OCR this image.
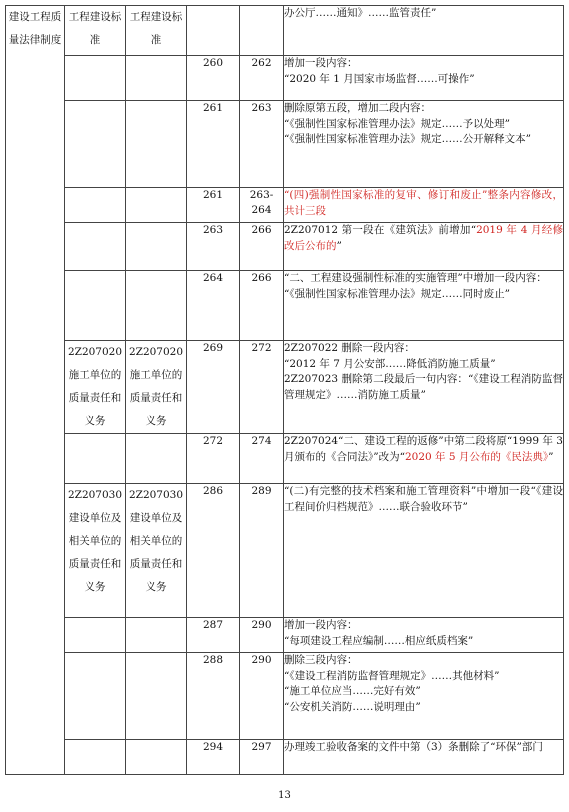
建设工程质量法律制度	工程建设标准	工程建设标准			办公厅……通知》……监管责任”
			260	262	增加一段内容：
“2020 年 1 月国家市场监督……可操作”

			261	263	删除原第五段，增加二段内容：
“《强制性国家标准管理办法》规定……予以处理”
“《强制性国家标准管理办法》规定……公开解释文本”

			261	263-264	“(四)强制性国家标准的复审、修订和废止”整条内容修改，共计三段
			263	266	2Z207012 第一段在《建筑法》前增加“2019 年 4 月经修改后公布的”
			264	266	“二、工程建设强制性标准的实施管理”中增加一段内容：
“《强制性国家标准管理办法》规定……同时废止”

	2Z207020 施工单位的质量责任和义务	2Z207020 施工单位的质量责任和义务	269	272	2Z207022 删除一段内容：
“2012 年 7 月公安部……降低消防施工质量”
2Z207023 删除第二段最后一句内容：“《建设工程消防监督管理规定》……消防施工质量”

			272	274	2Z207024“二、建设工程的返修”中第二段将原“1999 年 3 月颁布的《合同法》”改为“2020 年 5 月公布的《民法典》”
	2Z207030 建设单位及相关单位的质量责任和义务	2Z207030 建设单位及相关单位的质量责任和义务	286	289	“(二)有完整的技术档案和施工管理资料”中增加一段“《建设工程间价归档规范》……联合验收环节”

			287	290	增加一段内容：
“每项建设工程应编制……相应纸质档案”

			288	290	删除三段内容：
“《建设工程消防监督管理规定》……其他材料”
“施工单位应当……完好有效”
“公安机关消防……说明理由”

			294	297	办理竣工验收备案的文件中第（3）条删除了“环保”部门
13
